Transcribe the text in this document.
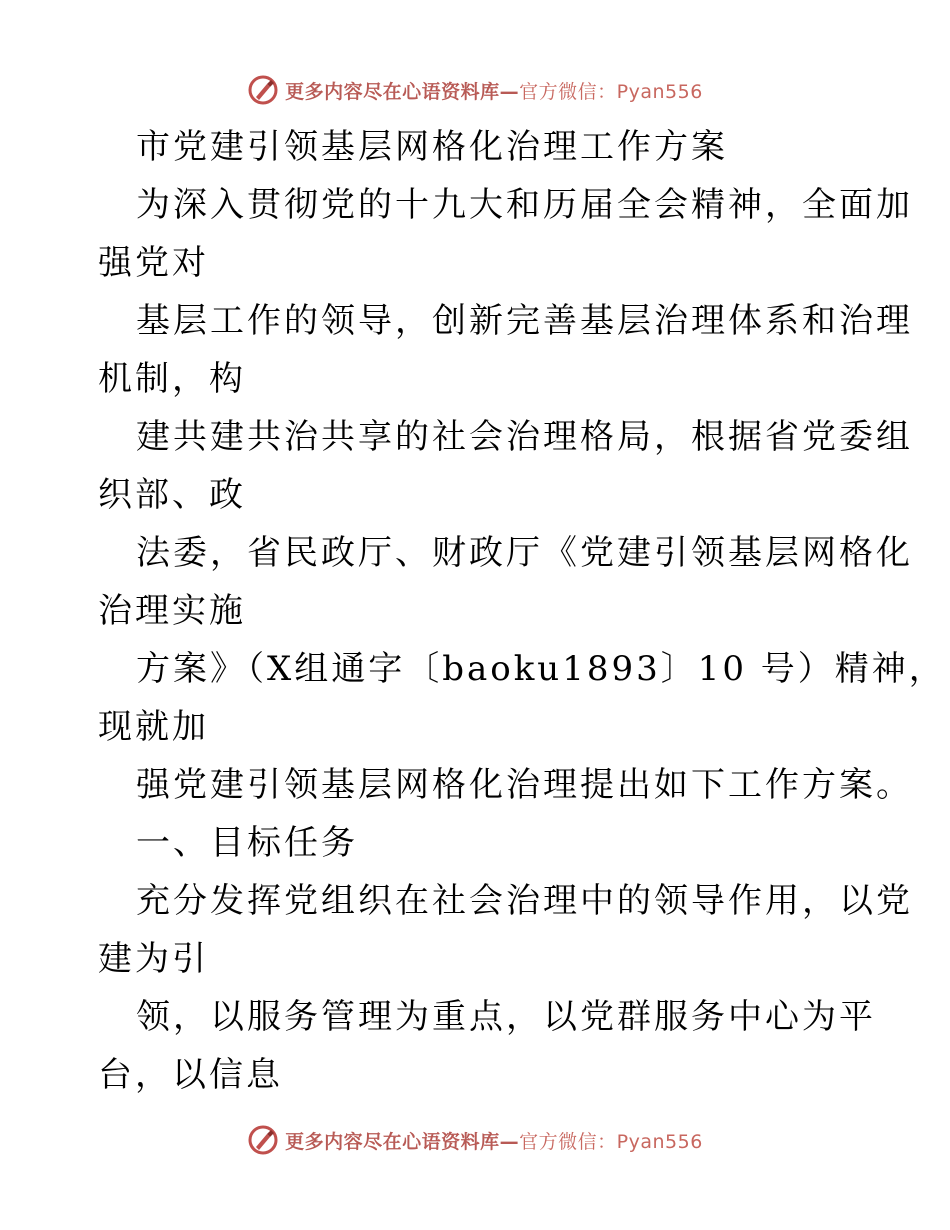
更多内容尽在心语资料库—官方微信：Pyan556
市党建引领基层网格化治理工作方案
为深入贯彻党的十九大和历届全会精神，全面加
强党对
基层工作的领导，创新完善基层治理体系和治理
机制，构
建共建共治共享的社会治理格局，根据省党委组
织部、政
法委，省民政厅、财政厅《党建引领基层网格化
治理实施
方案》（X组通字〔baoku1893〕10 号）精神，
现就加
强党建引领基层网格化治理提出如下工作方案。
一、目标任务
充分发挥党组织在社会治理中的领导作用，以党
建为引
领，以服务管理为重点，以党群服务中心为平
台，以信息
更多内容尽在心语资料库—官方微信：Pyan556
